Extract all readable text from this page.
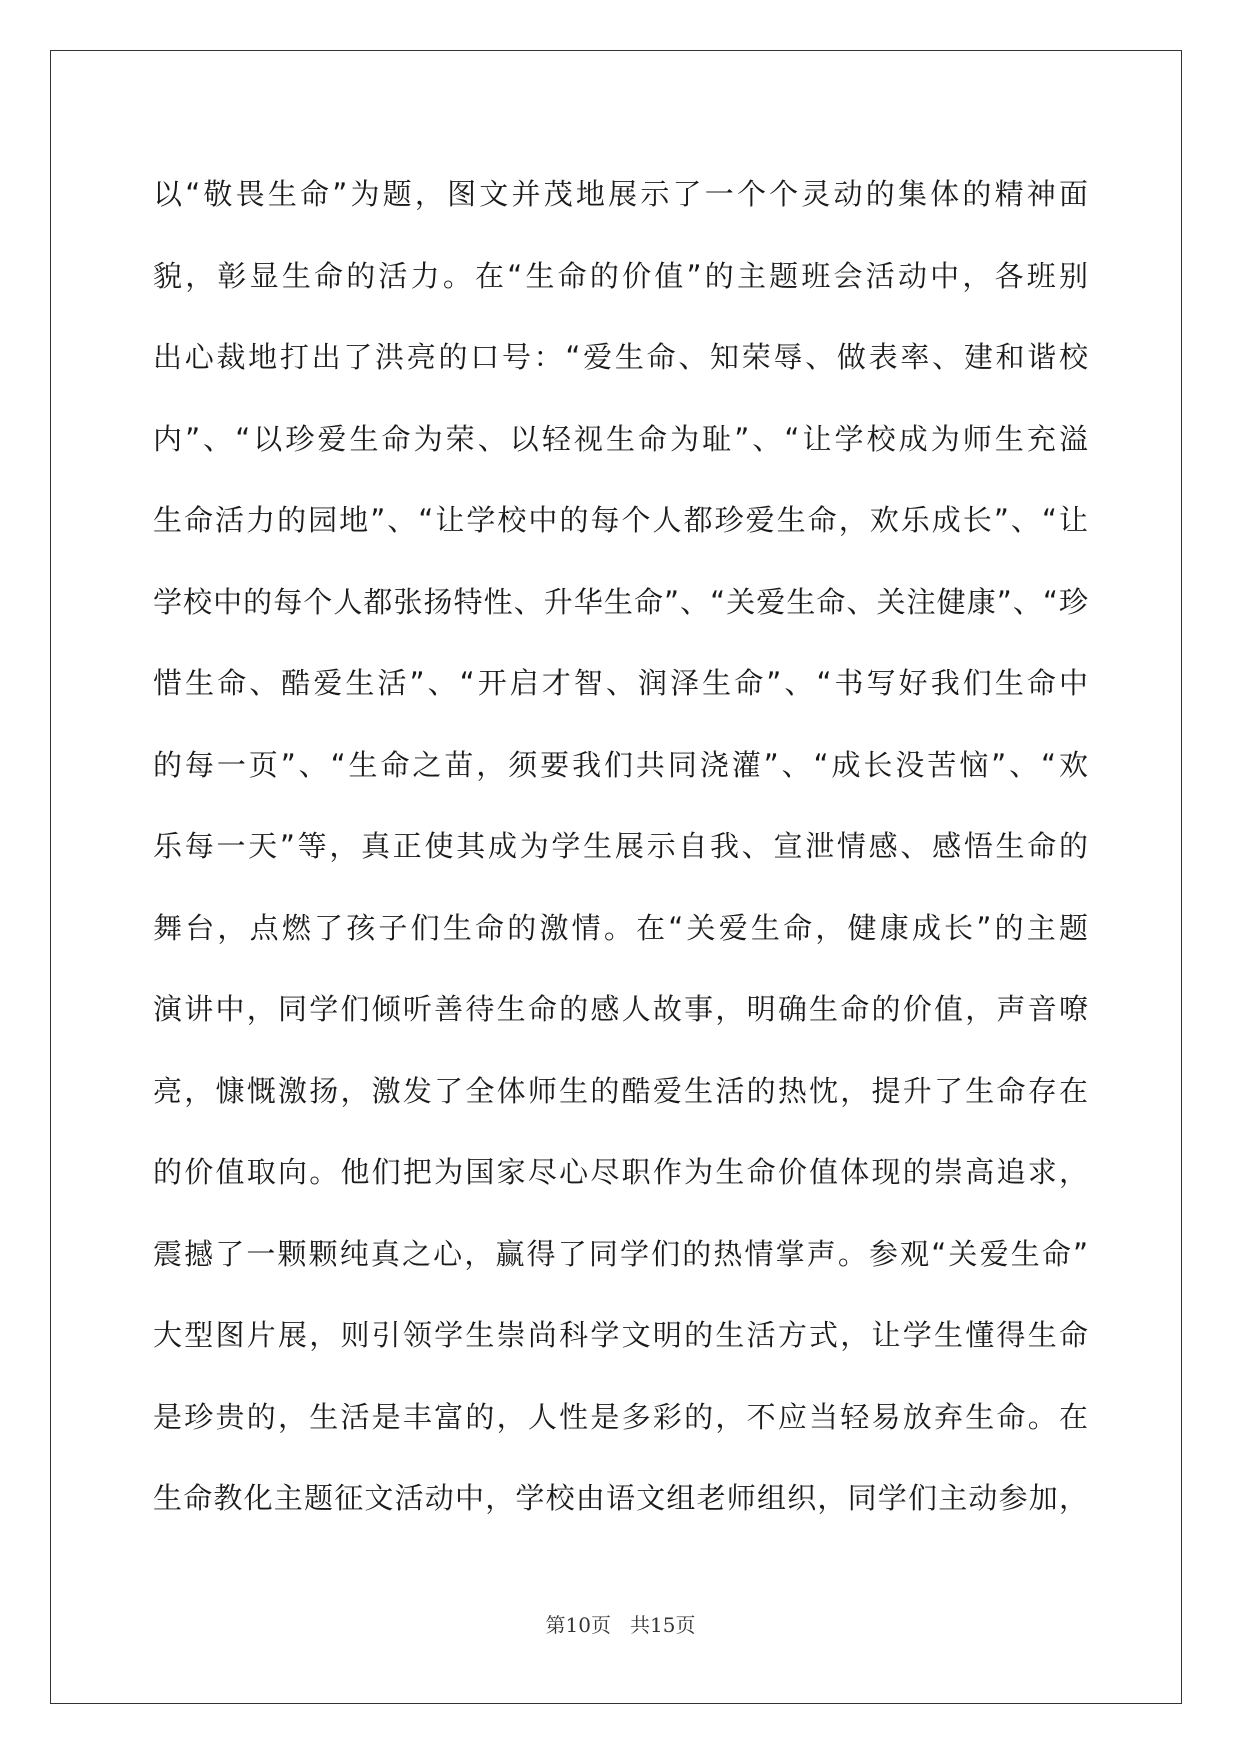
以“敬畏生命”为题，图文并茂地展示了一个个灵动的集体的精神面
貌，彰显生命的活力。在“生命的价值”的主题班会活动中，各班别
出心裁地打出了洪亮的口号：“爱生命、知荣辱、做表率、建和谐校
内”、“以珍爱生命为荣、以轻视生命为耻”、“让学校成为师生充溢
生命活力的园地”、“让学校中的每个人都珍爱生命，欢乐成长”、“让
学校中的每个人都张扬特性、升华生命”、“关爱生命、关注健康”、“珍
惜生命、酷爱生活”、“开启才智、润泽生命”、“书写好我们生命中
的每一页”、“生命之苗，须要我们共同浇灌”、“成长没苦恼”、“欢
乐每一天”等，真正使其成为学生展示自我、宣泄情感、感悟生命的
舞台，点燃了孩子们生命的激情。在“关爱生命，健康成长”的主题
演讲中，同学们倾听善待生命的感人故事，明确生命的价值，声音嘹
亮，慷慨激扬，激发了全体师生的酷爱生活的热忱，提升了生命存在
的价值取向。他们把为国家尽心尽职作为生命价值体现的崇高追求，
震撼了一颗颗纯真之心，赢得了同学们的热情掌声。参观“关爱生命”
大型图片展，则引领学生崇尚科学文明的生活方式，让学生懂得生命
是珍贵的，生活是丰富的，人性是多彩的，不应当轻易放弃生命。在
生命教化主题征文活动中，学校由语文组老师组织，同学们主动参加，
第10页   共15页
